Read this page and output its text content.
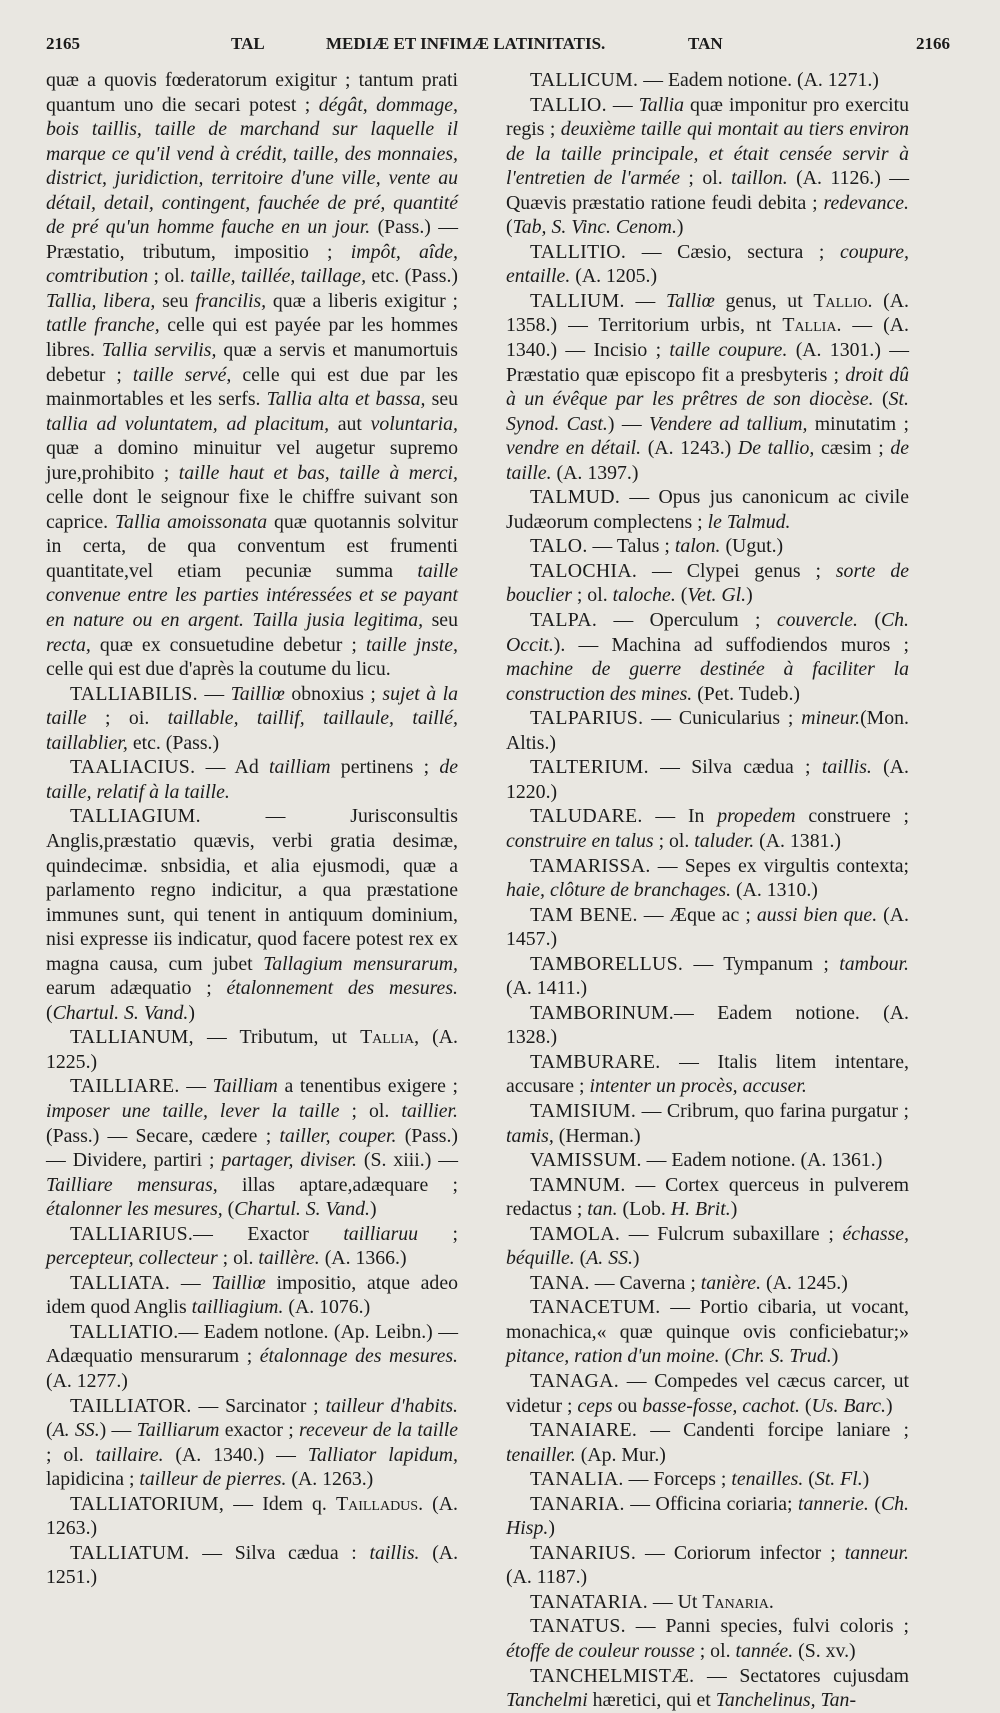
2165	TAL	MEDIÆ ET INFIMÆ LATINITATIS.	TAN	2166

quæ a quovis fœderatorum exigitur ; tantum prati quantum uno die secari potest ; dégât, dommage, bois taillis, taille de marchand sur laquelle il marque ce qu'il vend à crédit, taille, des monnaies, district, juridiction, territoire d'une ville, vente au détail, detail, contingent, fauchée de pré, quantité de pré qu'un homme fauche en un jour. (Pass.) — Præstatio, tributum, impositio ; impôt, aîde, comtribution ; ol. taille, taillée, taillage, etc. (Pass.) Tallia, libera, seu francilis, quæ a liberis exigitur ; tatlle franche, celle qui est payée par les hommes libres. Tallia servilis, quæ a servis et manumortuis debetur ; taille servé, celle qui est due par les mainmortables et les serfs. Tallia alta et bassa, seu tallia ad voluntatem, ad placitum, aut voluntaria, quæ a domino minuitur vel augetur supremo jure,prohibito ; taille haut et bas, taille à merci, celle dont le seignour fixe le chiffre suivant son caprice. Tallia amoissonata quæ quotannis solvitur in certa, de qua conventum est frumenti quantitate,vel etiam pecuniæ summa taille convenue entre les parties intéressées et se payant en nature ou en argent. Tailla jusia legitima, seu recta, quæ ex consuetudine debetur ; taille jnste, celle qui est due d'après la coutume du licu.

TALLIABILIS. — Tailliœ obnoxius ; sujet à la taille ; oi. taillable, taillif, taillaule, taillé, taillablier, etc. (Pass.)

TAALIACIUS. — Ad tailliam pertinens ; de taille, relatif à la taille.

TALLIAGIUM. — Jurisconsultis Anglis,præstatio quævis, verbi gratia desimæ, quindecimæ. snbsidia, et alia ejusmodi, quæ a parlamento regno indicitur, a qua præstatione immunes sunt, qui tenent in antiquum dominium, nisi expresse iis indicatur, quod facere potest rex ex magna causa, cum jubet Tallagium mensurarum, earum adæquatio ; étalonnement des mesures. (Chartul. S. Vand.)

TALLIANUM, — Tributum, ut Tallia, (A. 1225.)

TAILLIARE. — Tailliam a tenentibus exigere ; imposer une taille, lever la taille ; ol. taillier. (Pass.) — Secare, cædere ; tailler, couper. (Pass.) — Dividere, partiri ; partager, diviser. (S. xiii.) — Tailliare mensuras, illas aptare,adæquare ; étalonner les mesures, (Chartul. S. Vand.)

TALLIARIUS.— Exactor tailliaruu ; percepteur, collecteur ; ol. taillère. (A. 1366.)

TALLIATA. — Tailliœ impositio, atque adeo idem quod Anglis tailliagium. (A. 1076.)

TALLIATIO.— Eadem notlone. (Ap. Leibn.) — Adæquatio mensurarum ; étalonnage des mesures. (A. 1277.)

TAILLIATOR. — Sarcinator ; tailleur d'habits. (A. SS.) — Tailliarum exactor ; receveur de la taille ; ol. taillaire. (A. 1340.) — Talliator lapidum, lapidicina ; tailleur de pierres. (A. 1263.)

TALLIATORIUM, — Idem q. Tailladus. (A. 1263.)

TALLIATUM. — Silva cædua : taillis. (A. 1251.)

TALLICUM. — Eadem notione. (A. 1271.)

TALLIO. — Tallia quæ imponitur pro exercitu regis ; deuxième taille qui montait au tiers environ de la taille principale, et était censée servir à l'entretien de l'armée ; ol. taillon. (A. 1126.) — Quævis præstatio ratione feudi debita ; redevance. (Tab, S. Vinc. Cenom.)

TALLITIO. — Cæsio, sectura ; coupure, entaille. (A. 1205.)

TALLIUM. — Talliœ genus, ut Tallio. (A. 1358.) — Territorium urbis, nt Tallia. — (A. 1340.) — Incisio ; taille coupure. (A. 1301.) — Præstatio quæ episcopo fit a presbyteris ; droit dû à un évêque par les prêtres de son diocèse. (St. Synod. Cast.) — Vendere ad tallium, minutatim ; vendre en détail. (A. 1243.) De tallio, cæsim ; de taille. (A. 1397.)

TALMUD. — Opus jus canonicum ac civile Judæorum complectens ; le Talmud.

TALO. — Talus ; talon. (Ugut.)

TALOCHIA. — Clypei genus ; sorte de bouclier ; ol. taloche. (Vet. Gl.)

TALPA. — Operculum ; couvercle. (Ch. Occit.). — Machina ad suffodiendos muros ; machine de guerre destinée à faciliter la construction des mines. (Pet. Tudeb.)

TALPARIUS. — Cunicularius ; mineur.(Mon. Altis.)

TALTERIUM. — Silva cædua ; taillis. (A. 1220.)

TALUDARE. — In propedem construere ; construire en talus ; ol. taluder. (A. 1381.)

TAMARISSA. — Sepes ex virgultis contexta; haie, clôture de branchages. (A. 1310.)

TAM BENE. — Æque ac ; aussi bien que. (A. 1457.)

TAMBORELLUS. — Tympanum ; tambour. (A. 1411.)

TAMBORINUM.— Eadem notione. (A. 1328.)

TAMBURARE. — Italis litem intentare, accusare ; intenter un procès, accuser.

TAMISIUM. — Cribrum, quo farina purgatur ; tamis, (Herman.)

VAMISSUM. — Eadem notione. (A. 1361.)

TAMNUM. — Cortex querceus in pulverem redactus ; tan. (Lob. H. Brit.)

TAMOLA. — Fulcrum subaxillare ; échasse, béquille. (A. SS.)

TANA. — Caverna ; tanière. (A. 1245.)

TANACETUM. — Portio cibaria, ut vocant, monachica,« quæ quinque ovis conficiebatur;» pitance, ration d'un moine. (Chr. S. Trud.)

TANAGA. — Compedes vel cæcus carcer, ut videtur ; ceps ou basse-fosse, cachot. (Us. Barc.)

TANAIARE. — Candenti forcipe laniare ; tenailler. (Ap. Mur.)

TANALIA. — Forceps ; tenailles. (St. Fl.)

TANARIA. — Officina coriaria; tannerie. (Ch. Hisp.)

TANARIUS. — Coriorum infector ; tanneur. (A. 1187.)

TANATARIA. — Ut Tanaria.

TANATUS. — Panni species, fulvi coloris ; étoffe de couleur rousse ; ol. tannée. (S. xv.)

TANCHELMISTÆ. — Sectatores cujusdam Tanchelmi hæretici, qui et Tanchelinus, Tan-
